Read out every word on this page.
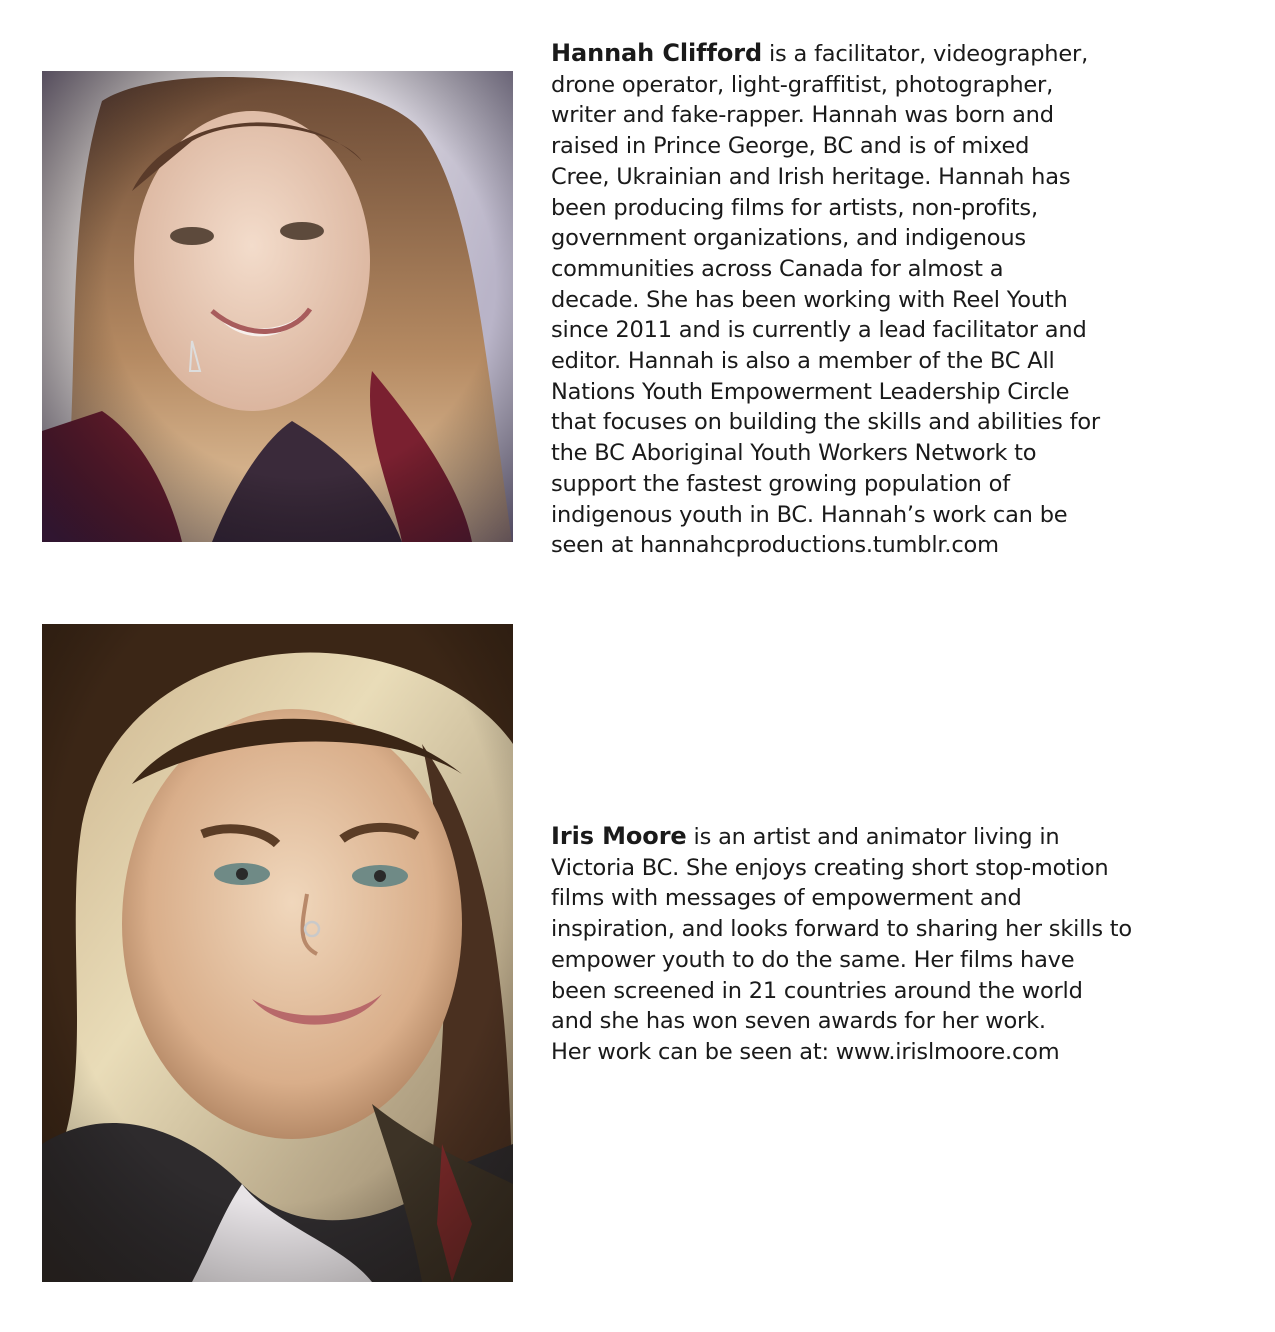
Hannah Clifford is a facilitator, videographer,
drone operator, light-graffitist, photographer,
writer and fake-rapper. Hannah was born and
raised in Prince George, BC and is of mixed
Cree, Ukrainian and Irish heritage. Hannah has
been producing films for artists, non-profits,
government organizations, and indigenous
communities across Canada for almost a
decade. She has been working with Reel Youth
since 2011 and is currently a lead facilitator and
editor. Hannah is also a member of the BC All
Nations Youth Empowerment Leadership Circle
that focuses on building the skills and abilities for
the BC Aboriginal Youth Workers Network to
support the fastest growing population of
indigenous youth in BC. Hannah’s work can be
seen at hannahcproductions.tumblr.com

Iris Moore is an artist and animator living in
Victoria BC. She enjoys creating short stop-motion
films with messages of empowerment and
inspiration, and looks forward to sharing her skills to
empower youth to do the same. Her films have
been screened in 21 countries around the world
and she has won seven awards for her work.
Her work can be seen at: www.irislmoore.com
